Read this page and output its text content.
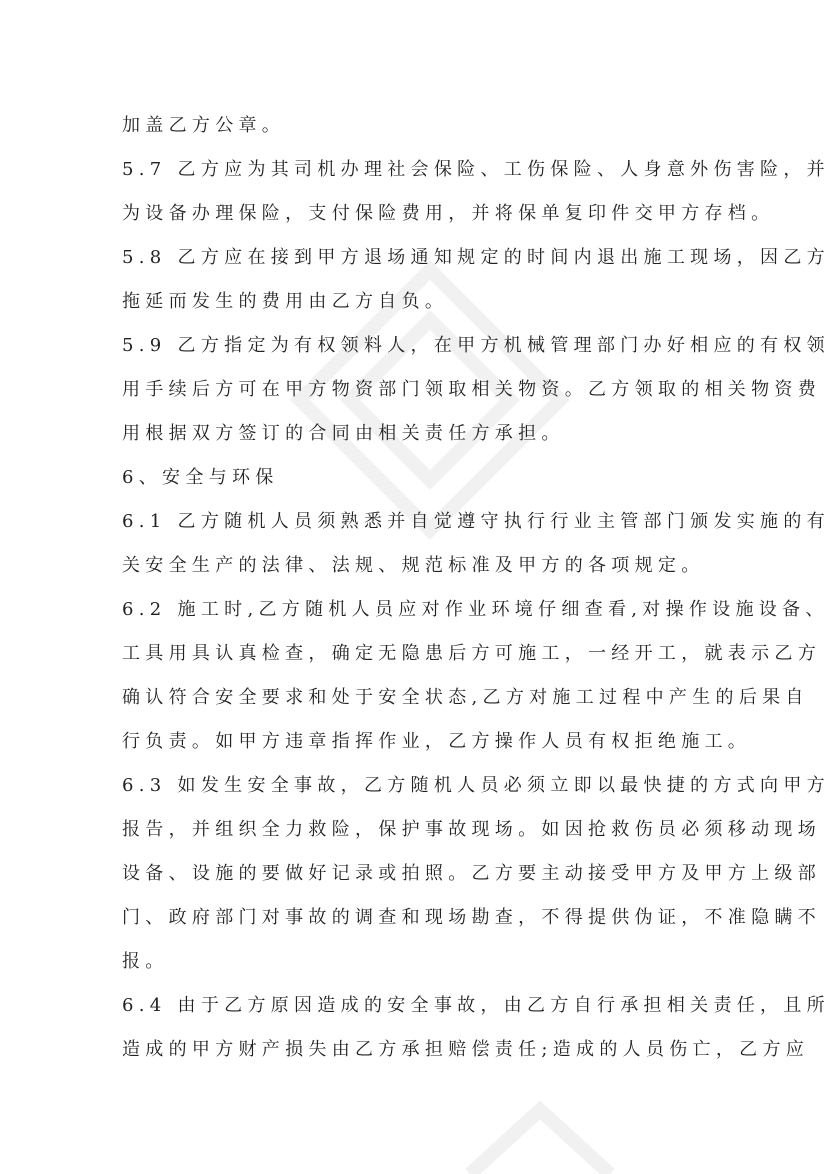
加盖乙方公章。
5.7 乙方应为其司机办理社会保险、工伤保险、人身意外伤害险，并
为设备办理保险，支付保险费用，并将保单复印件交甲方存档。
5.8 乙方应在接到甲方退场通知规定的时间内退出施工现场，因乙方
拖延而发生的费用由乙方自负。
5.9 乙方指定为有权领料人，在甲方机械管理部门办好相应的有权领
用手续后方可在甲方物资部门领取相关物资。乙方领取的相关物资费
用根据双方签订的合同由相关责任方承担。
6、安全与环保
6.1 乙方随机人员须熟悉并自觉遵守执行行业主管部门颁发实施的有
关安全生产的法律、法规、规范标准及甲方的各项规定。
6.2 施工时,乙方随机人员应对作业环境仔细查看,对操作设施设备、
工具用具认真检查，确定无隐患后方可施工，一经开工，就表示乙方
确认符合安全要求和处于安全状态,乙方对施工过程中产生的后果自
行负责。如甲方违章指挥作业，乙方操作人员有权拒绝施工。
6.3 如发生安全事故，乙方随机人员必须立即以最快捷的方式向甲方
报告，并组织全力救险，保护事故现场。如因抢救伤员必须移动现场
设备、设施的要做好记录或拍照。乙方要主动接受甲方及甲方上级部
门、政府部门对事故的调查和现场勘查，不得提供伪证，不准隐瞒不
报。
6.4 由于乙方原因造成的安全事故，由乙方自行承担相关责任，且所
造成的甲方财产损失由乙方承担赔偿责任;造成的人员伤亡，乙方应
